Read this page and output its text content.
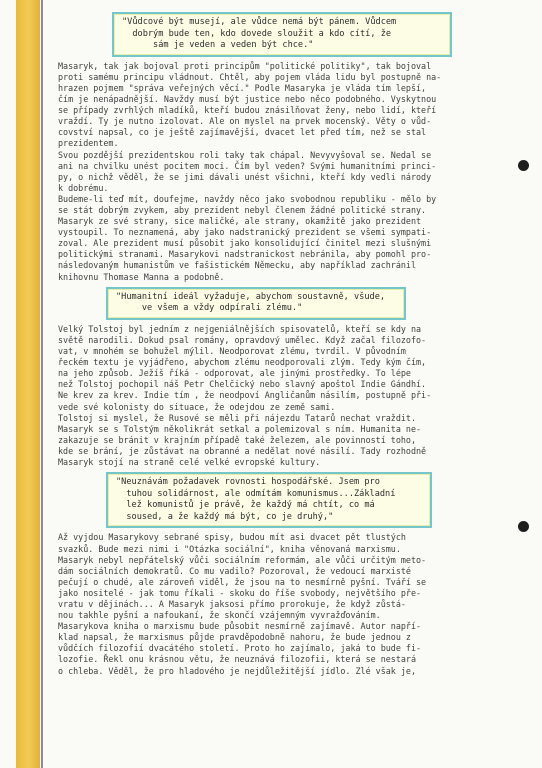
"Vůdcové být musejí, ale vůdce nemá být pánem. Vůdcem
dobrým bude ten, kdo dovede sloužit a kdo cítí, že
sám je veden a veden být chce."

Masaryk, tak jak bojoval proti principům "politické politiky", tak bojoval
proti samému principu vládnout. Chtěl, aby pojem vláda lidu byl postupně na-
hrazen pojmem "správa veřejných věcí." Podle Masaryka je vláda tím lepší,
čím je nenápadnější. Navždy musí být justice nebo něco podobného. Vyskytnou
se případy zvrhlých mladíků, kteří budou znásilňovat ženy, nebo lidí, kteří
vraždí. Ty je nutno izolovat. Ale on myslel na prvek mocenský. Věty o vůd-
covství napsal, co je ještě zajímavější, dvacet let před tím, než se stal
prezidentem.

Svou pozdější prezidentskou roli taky tak chápal. Nevyvyšoval se. Nedal se
ani na chvilku unést pocitem moci. Čím byl veden? Svými humanitními princi-
py, o nichž věděl, že se jimi dávali unést všichni, kteří kdy vedli národy
k dobrému.

Budeme-li teď mít, doufejme, navždy něco jako svobodnou republiku - mělo by
se stát dobrým zvykem, aby prezident nebyl členem žádné politické strany.
Masaryk ze své strany, sice maličké, ale strany, okamžitě jako prezident
vystoupil. To neznamená, aby jako nadstranický prezident se všemi sympati-
zoval. Ale prezident musí působit jako konsolidující činitel mezi slušnými
politickými stranami. Masarykovi nadstranickost nebránila, aby pomohl pro-
následovaným humanistům ve fašistickém Německu, aby například zachránil
knihovnu Thomase Manna a podobně.

"Humanitní ideál vyžaduje, abychom soustavně, všude,
ve všem a vždy odpírali zlému."

Velký Tolstoj byl jedním z nejgeniálnějších spisovatelů, kteří se kdy na
světě narodili. Dokud psal romány, opravdový umělec. Když začal filozofo-
vat, v mnohém se bohužel mýlil. Neodporovat zlému, tvrdil. V původním
řeckém textu je vyjádřeno, abychom zlému neodporovali zlým. Tedy kým čím,
na jeho způsob. Ježíš říká - odporovat, ale jinými prostředky. To lépe
než Tolstoj pochopil náš Petr Chelčický nebo slavný apoštol Indie Gándhí.
Ne krev za krev. Indie tím , že neodpoví Angličanům násilím, postupně při-
vede své kolonisty do situace, že odejdou ze země sami.
Tolstoj si myslel, že Rusové se měli při nájezdu Tatarů nechat vraždit.
Masaryk se s Tolstým několikrát setkal a polemizoval s ním. Humanita ne-
zakazuje se bránit v krajním případě také železem, ale povinností toho,
kde se brání, je zůstávat na obranné a nedělat nové násilí. Tady rozhodně
Masaryk stojí na straně celé velké evropské kultury.

"Neuznávám požadavek rovnosti hospodářské. Jsem pro
tuhou solidárnost, ale odmítám komunismus...Základní
lež komunistů je právě, že každý má chtít, co má
soused, a že každý má být, co je druhý,"

Až vyjdou Masarykovy sebrané spisy, budou mít asi dvacet pět tlustých
svazků. Bude mezi nimi i "Otázka sociální", kniha věnovaná marxismu.
Masaryk nebyl nepřátelský vůči sociálním reformám, ale vůči určitým meto-
dám sociálních demokratů. Co mu vadilo? Pozoroval, že vedoucí marxisté
pečují o chudé, ale zároveň viděl, že jsou na to nesmírně pyšní. Tváří se
jako nositelé - jak tomu říkali - skoku do říše svobody, největšího pře-
vratu v dějinách... A Masaryk jaksosi přímo prorokuje, že když zůstá-
nou takhle pyšní a nafoukaní, že skončí vzájemným vyvražďováním.

Masarykova kniha o marxismu bude působit nesmírně zajímavě. Autor napří-
klad napsal, že marxismus půjde pravděpodobně nahoru, že bude jednou z
vůdčích filozofií dvacátého století. Proto ho zajímalo, jaká to bude fi-
lozofie. Řekl onu krásnou větu, že neuznává filozofii, která se nestará
o chleba. Věděl, že pro hladového je nejdůležitější jídlo. Zlé však je,
